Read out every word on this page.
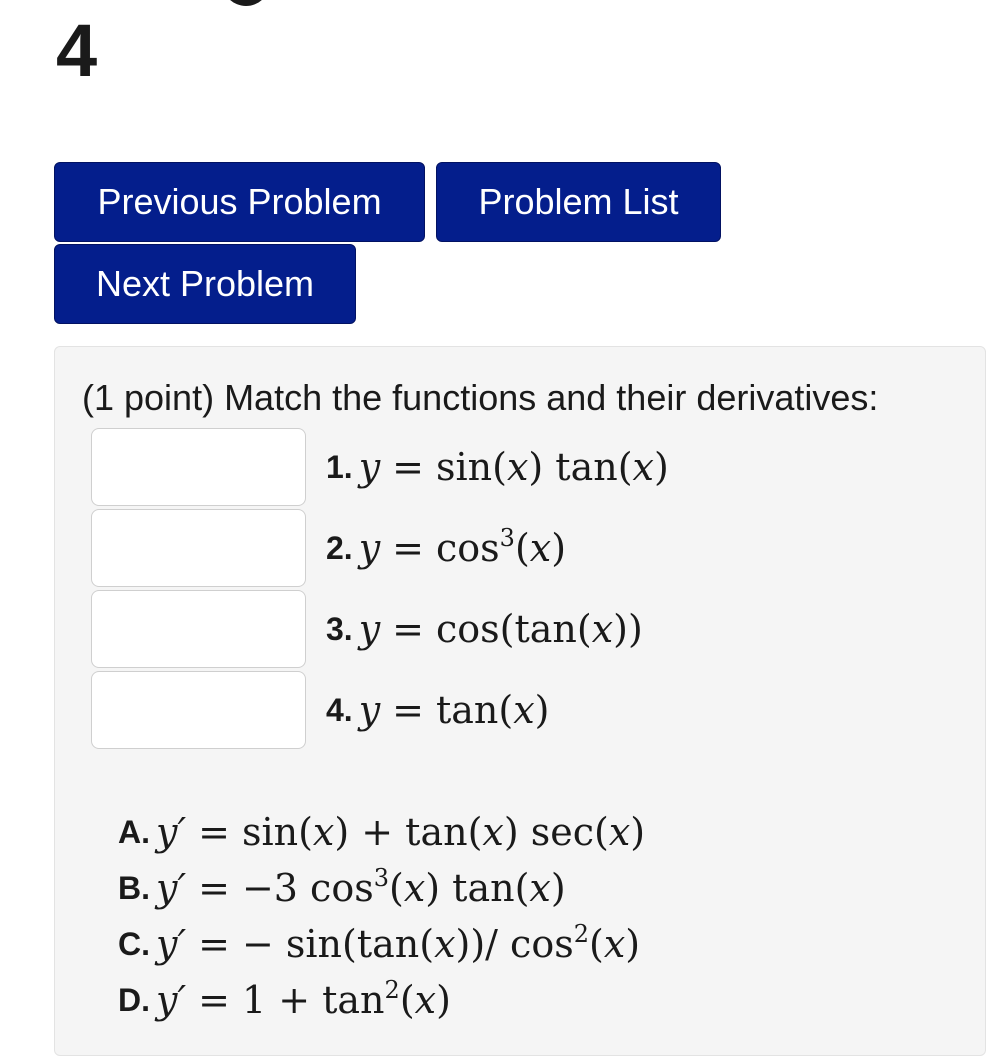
4
Previous Problem	Problem List
Next Problem
(1 point) Match the functions and their derivatives:
1. y = sin(x) tan(x)
2. $y = \cos^3(x)$
3. y = cos(tan(x))
4. y = tan(x)
A. y′ = sin(x) + tan(x) sec(x)
B. y′ = −3 $\cos^3(x)$ tan(x)
C. y′ = − sin(tan(x))/ $\cos^2(x)$
D. $y' = 1 + \tan^2(x)$
